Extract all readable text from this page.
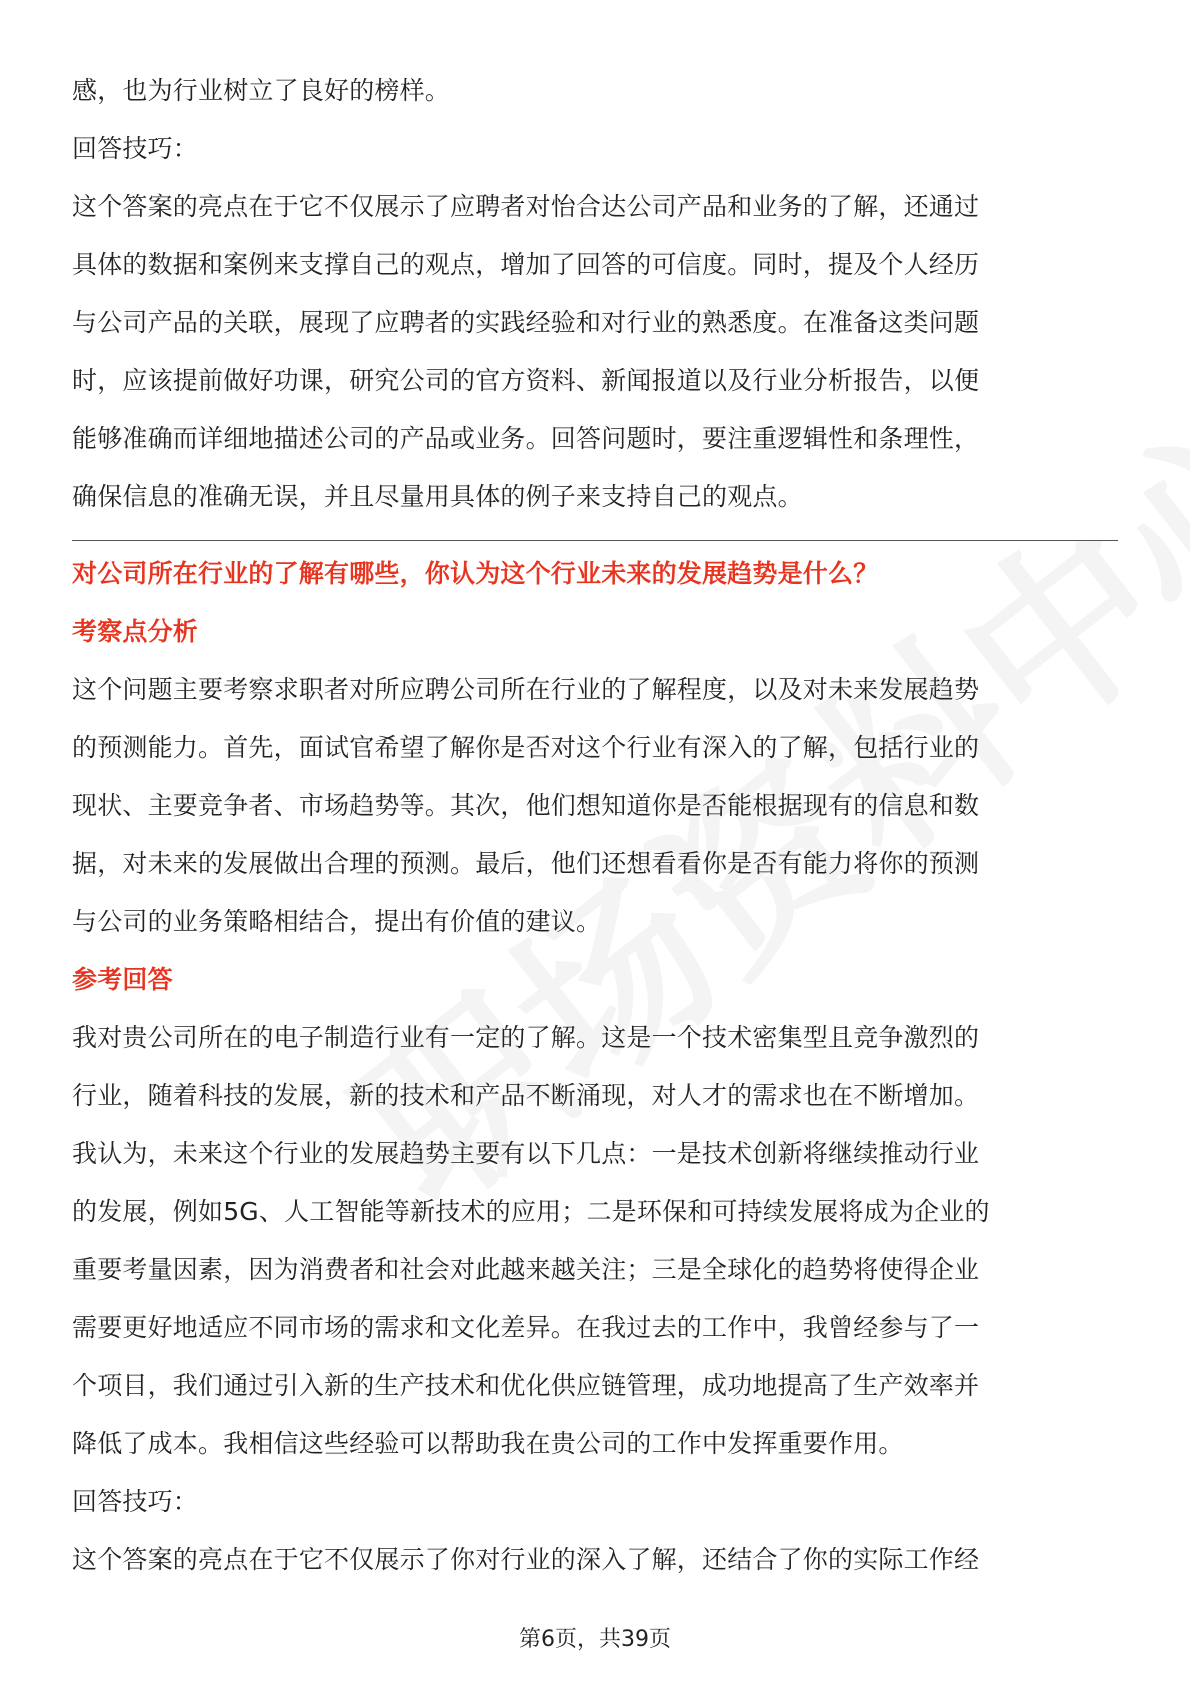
感，也为行业树立了良好的榜样。
回答技巧：
这个答案的亮点在于它不仅展示了应聘者对怡合达公司产品和业务的了解，还通过
具体的数据和案例来支撑自己的观点，增加了回答的可信度。同时，提及个人经历
与公司产品的关联，展现了应聘者的实践经验和对行业的熟悉度。在准备这类问题
时，应该提前做好功课，研究公司的官方资料、新闻报道以及行业分析报告，以便
能够准确而详细地描述公司的产品或业务。回答问题时，要注重逻辑性和条理性，
确保信息的准确无误，并且尽量用具体的例子来支持自己的观点。
对公司所在行业的了解有哪些，你认为这个行业未来的发展趋势是什么？
考察点分析
这个问题主要考察求职者对所应聘公司所在行业的了解程度，以及对未来发展趋势
的预测能力。首先，面试官希望了解你是否对这个行业有深入的了解，包括行业的
现状、主要竞争者、市场趋势等。其次，他们想知道你是否能根据现有的信息和数
据，对未来的发展做出合理的预测。最后，他们还想看看你是否有能力将你的预测
与公司的业务策略相结合，提出有价值的建议。
参考回答
我对贵公司所在的电子制造行业有一定的了解。这是一个技术密集型且竞争激烈的
行业，随着科技的发展，新的技术和产品不断涌现，对人才的需求也在不断增加。
我认为，未来这个行业的发展趋势主要有以下几点：一是技术创新将继续推动行业
的发展，例如5G、人工智能等新技术的应用；二是环保和可持续发展将成为企业的
重要考量因素，因为消费者和社会对此越来越关注；三是全球化的趋势将使得企业
需要更好地适应不同市场的需求和文化差异。在我过去的工作中，我曾经参与了一
个项目，我们通过引入新的生产技术和优化供应链管理，成功地提高了生产效率并
降低了成本。我相信这些经验可以帮助我在贵公司的工作中发挥重要作用。
回答技巧：
这个答案的亮点在于它不仅展示了你对行业的深入了解，还结合了你的实际工作经
第6页，共39页
